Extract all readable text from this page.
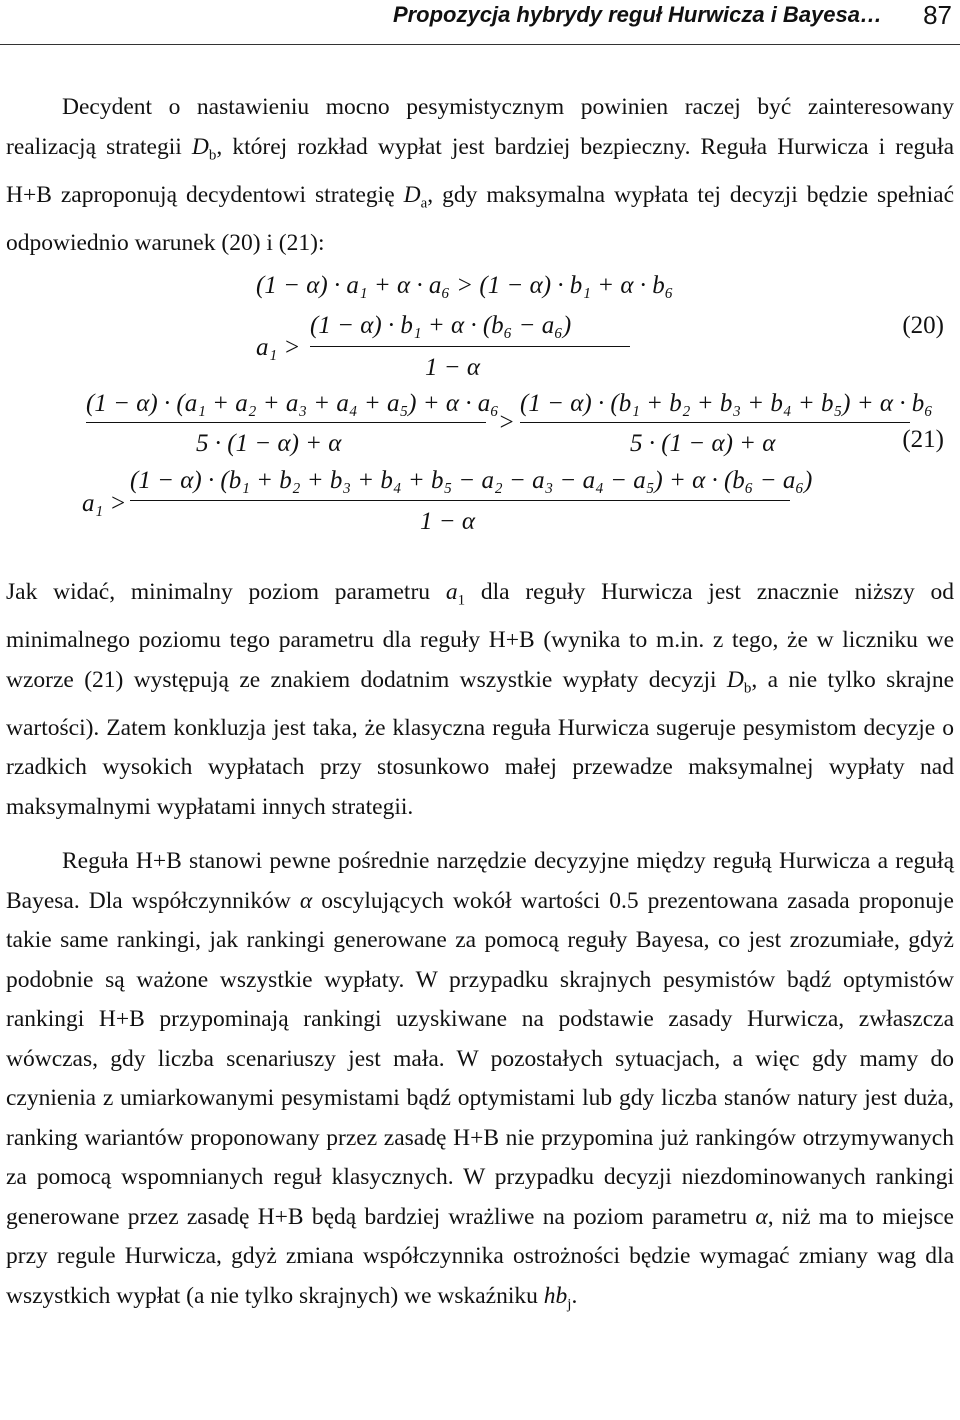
Propozycja hybrydy reguł Hurwicza i Bayesa… 87

Decydent o nastawieniu mocno pesymistycznym powinien raczej być zainteresowany realizacją strategii $D_b$, której rozkład wypłat jest bardziej bezpieczny. Reguła Hurwicza i reguła H+B zaproponują decydentowi strategię $D_a$, gdy maksymalna wypłata tej decyzji będzie spełniać odpowiednio warunek (20) i (21):

(1 − α) · a₁ + α · a₆ > (1 − α) · b₁ + α · b₆
a₁ >
(1 − α) · b₁ + α · (b₆ − a₆)
1 − α
(20)
(1 − α) · (a₁ + a₂ + a₃ + a₄ + a₅) + α · a₆
5 · (1 − α) + α
>
(1 − α) · (b₁ + b₂ + b₃ + b₄ + b₅) + α · b₆
5 · (1 − α) + α
a₁ >
(1 − α) · (b₁ + b₂ + b₃ + b₄ + b₅ − a₂ − a₃ − a₄ − a₅) + α · (b₆ − a₆)
1 − α
(21)

Jak widać, minimalny poziom parametru $a_1$ dla reguły Hurwicza jest znacznie niższy od minimalnego poziomu tego parametru dla reguły H+B (wynika to m.in. z tego, że w liczniku we wzorze (21) występują ze znakiem dodatnim wszystkie wypłaty decyzji $D_b$, a nie tylko skrajne wartości). Zatem konkluzja jest taka, że klasyczna reguła Hurwicza sugeruje pesymistom decyzje o rzadkich wysokich wypłatach przy stosunkowo małej przewadze maksymalnej wypłaty nad maksymalnymi wypłatami innych strategii.

Reguła H+B stanowi pewne pośrednie narzędzie decyzyjne między regułą Hurwicza a regułą Bayesa. Dla współczynników α oscylujących wokół wartości 0.5 prezentowana zasada proponuje takie same rankingi, jak rankingi generowane za pomocą reguły Bayesa, co jest zrozumiałe, gdyż podobnie są ważone wszystkie wypłaty. W przypadku skrajnych pesymistów bądź optymistów rankingi H+B przypominają rankingi uzyskiwane na podstawie zasady Hurwicza, zwłaszcza wówczas, gdy liczba scenariuszy jest mała. W pozostałych sytuacjach, a więc gdy mamy do czynienia z umiarkowanymi pesymistami bądź optymistami lub gdy liczba stanów natury jest duża, ranking wariantów proponowany przez zasadę H+B nie przypomina już rankingów otrzymywanych za pomocą wspomnianych reguł klasycznych. W przypadku decyzji niezdominowanych rankingi generowane przez zasadę H+B będą bardziej wrażliwe na poziom parametru α, niż ma to miejsce przy regule Hurwicza, gdyż zmiana współczynnika ostrożności będzie wymagać zmiany wag dla wszystkich wypłat (a nie tylko skrajnych) we wskaźniku $hb_j$.
